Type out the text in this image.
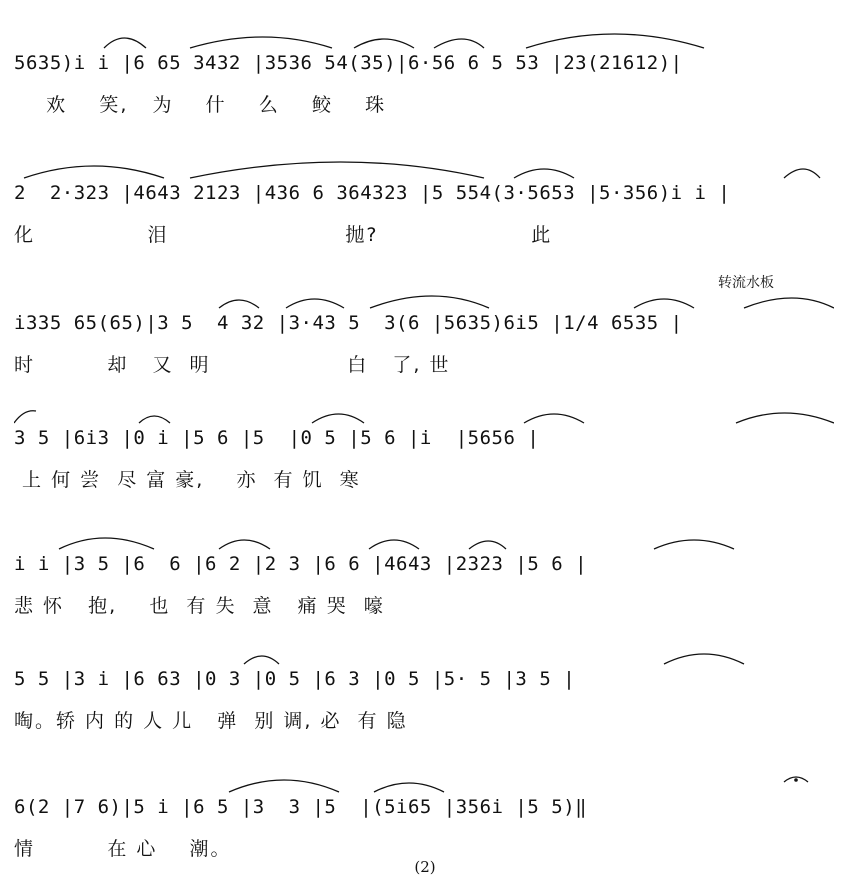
5635)i i |6 65 3432 |3536 54(35)|6·56 6 5 53 |23(21612)|
欢    笑,   为    什    么    鲛    珠
2  2·323 |4643 2123 |436 6 364323 |5 554(3·5653 |5·356)i i |
化              泪                      抛?                   此
转流水板
i335 65(65)|3 5  4 32 |3·43 5  3(6 |5635)6i5 |1/4 6535 |
时         却   又  明                 白   了, 世
3 5 |6i3 |0 i |5 6 |5  |0 5 |5 6 |i  |5656 |
上 何 尝  尽 富 豪,    亦  有 饥  寒
i i |3 5 |6  6 |6 2 |2 3 |6 6 |4643 |2323 |5 6 |
悲 怀   抱,    也  有 失  意   痛 哭  嚎
5 5 |3 i |6 63 |0 3 |0 5 |6 3 |0 5 |5· 5 |3 5 |
啕。轿 内 的 人 儿   弹  别 调, 必  有 隐
6(2 |7 6)|5 i |6 5 |3  3 |5  |(5i65 |356i |5 5)‖
情         在 心    潮。
(2)
